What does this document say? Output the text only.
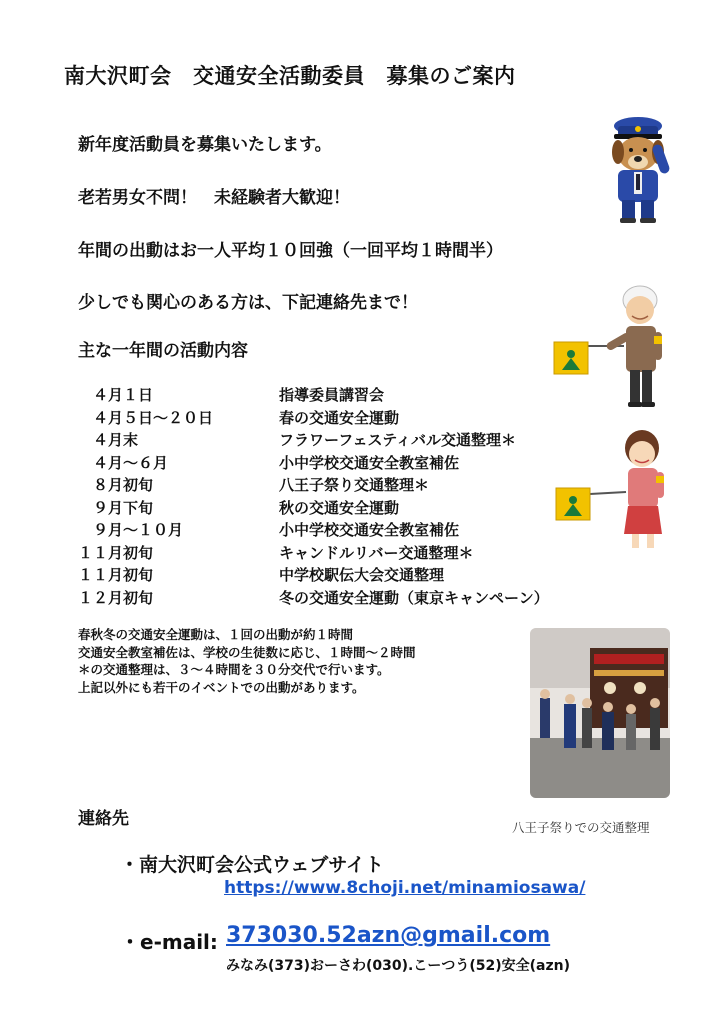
南大沢町会　交通安全活動委員　募集のご案内
新年度活動員を募集いたします。
老若男女不問！　未経験者大歓迎！
年間の出動はお一人平均１０回強（一回平均１時間半）
少しでも関心のある方は、下記連絡先まで！
主な一年間の活動内容
　４月１日	指導委員講習会
　４月５日～２０日	春の交通安全運動
　４月末	フラワーフェスティバル交通整理＊
　４月～６月	小中学校交通安全教室補佐
　８月初旬	八王子祭り交通整理＊
　９月下旬	秋の交通安全運動
　９月～１０月	小中学校交通安全教室補佐
１１月初旬	キャンドルリバー交通整理＊
１１月初旬	中学校駅伝大会交通整理
１２月初旬	冬の交通安全運動（東京キャンペーン）
春秋冬の交通安全運動は、１回の出動が約１時間
交通安全教室補佐は、学校の生徒数に応じ、１時間～２時間
＊の交通整理は、３～４時間を３０分交代で行います。
上記以外にも若干のイベントでの出動があります。
八王子祭りでの交通整理
連絡先
・南大沢町会公式ウェブサイト
https://www.8choji.net/minamiosawa/
・e-mail: 373030.52azn@gmail.com
みなみ(373)おーさわ(030).こーつう(52)安全(azn)
